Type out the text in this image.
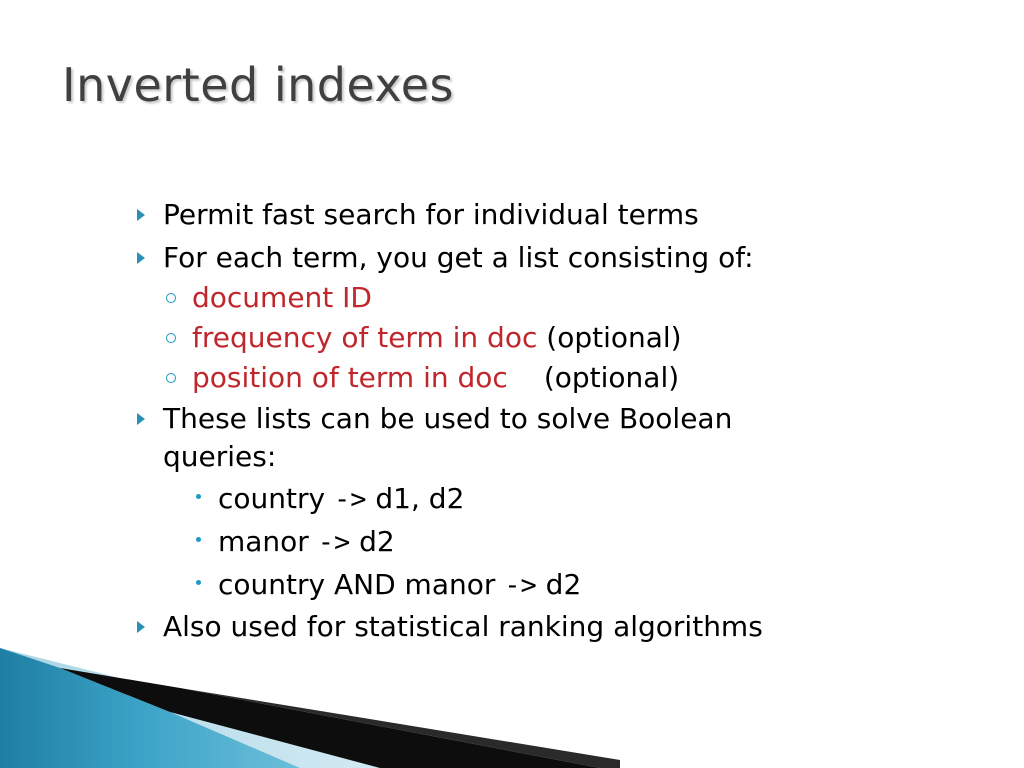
Inverted indexes
Permit fast search for individual terms
For each term, you get a list consisting of:
document ID
frequency of term in doc (optional)
position of term in doc (optional)
These lists can be used to solve Boolean
queries:
country -> d1, d2
manor -> d2
country AND manor -> d2
Also used for statistical ranking algorithms
